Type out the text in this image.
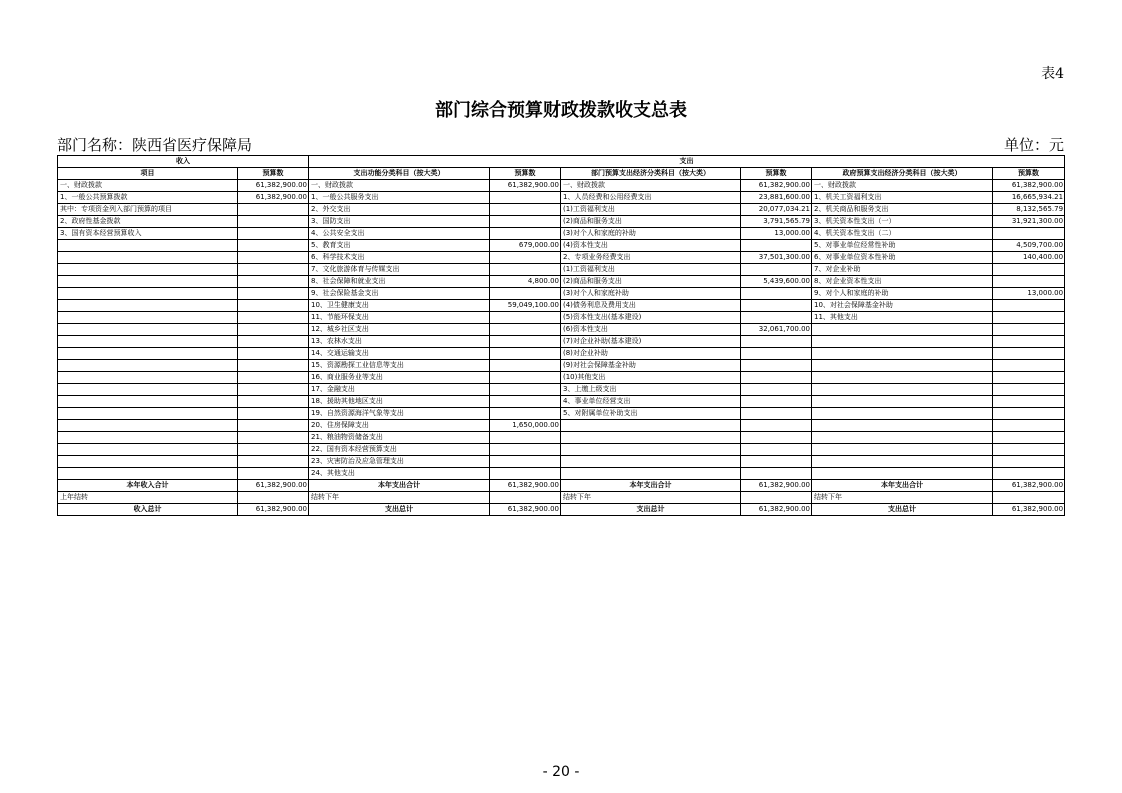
表4
部门综合预算财政拨款收支总表
部门名称：陕西省医疗保障局	单位：元
收入		支出					
项目	预算数	支出功能分类科目（按大类）	预算数	部门预算支出经济分类科目（按大类）	预算数	政府预算支出经济分类科目（按大类）	预算数
一、财政拨款	61,382,900.00	一、财政拨款	61,382,900.00	一、财政拨款	61,382,900.00	一、财政拨款	61,382,900.00
1、一般公共预算拨款	61,382,900.00	1、一般公共服务支出		1、人员经费和公用经费支出	23,881,600.00	1、机关工资福利支出	16,665,934.21
其中：专项资金列入部门预算的项目		2、外交支出		(1)工资福利支出	20,077,034.21	2、机关商品和服务支出	8,132,565.79
2、政府性基金拨款		3、国防支出		(2)商品和服务支出	3,791,565.79	3、机关资本性支出（一）	31,921,300.00
3、国有资本经营预算收入		4、公共安全支出		(3)对个人和家庭的补助	13,000.00	4、机关资本性支出（二）	
		5、教育支出	679,000.00	(4)资本性支出		5、对事业单位经常性补助	4,509,700.00
		6、科学技术支出		2、专项业务经费支出	37,501,300.00	6、对事业单位资本性补助	140,400.00
		7、文化旅游体育与传媒支出		(1)工资福利支出		7、对企业补助	
		8、社会保障和就业支出	4,800.00	(2)商品和服务支出	5,439,600.00	8、对企业资本性支出	
		9、社会保险基金支出		(3)对个人和家庭补助		9、对个人和家庭的补助	13,000.00
		10、卫生健康支出	59,049,100.00	(4)债务利息及费用支出		10、对社会保障基金补助	
		11、节能环保支出		(5)资本性支出(基本建设)		11、其他支出	
		12、城乡社区支出		(6)资本性支出	32,061,700.00		
		13、农林水支出		(7)对企业补助(基本建设)			
		14、交通运输支出		(8)对企业补助			
		15、资源勘探工业信息等支出		(9)对社会保障基金补助			
		16、商业服务业等支出		(10)其他支出			
		17、金融支出		3、上缴上级支出			
		18、援助其他地区支出		4、事业单位经营支出			
		19、自然资源海洋气象等支出		5、对附属单位补助支出			
		20、住房保障支出	1,650,000.00				
		21、粮油物资储备支出					
		22、国有资本经营预算支出					
		23、灾害防治及应急管理支出					
		24、其他支出					
本年收入合计	61,382,900.00	本年支出合计	61,382,900.00	本年支出合计	61,382,900.00	本年支出合计	61,382,900.00
上年结转		结转下年		结转下年		结转下年	
收入总计	61,382,900.00	支出总计	61,382,900.00	支出总计	61,382,900.00	支出总计	61,382,900.00
- 20 -
